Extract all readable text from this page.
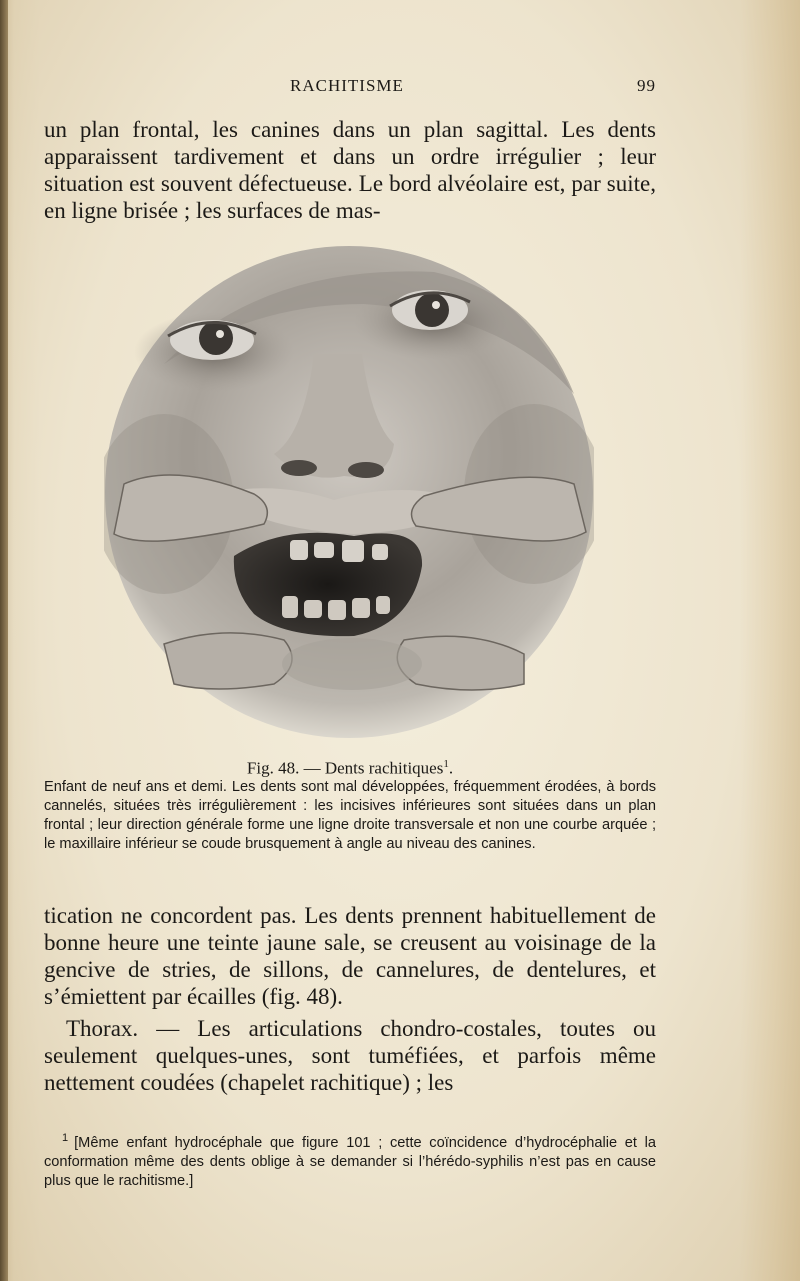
RACHITISME	99

un plan frontal, les canines dans un plan sagittal. Les dents apparaissent tardivement et dans un ordre irrégulier ; leur situation est souvent défectueuse. Le bord alvéolaire est, par suite, en ligne brisée ; les surfaces de mas-

Fig. 48. — Dents rachitiques$^1$.

Enfant de neuf ans et demi. Les dents sont mal développées, fréquemment érodées, à bords cannelés, situées très irrégulièrement : les incisives inférieures sont situées dans un plan frontal ; leur direction générale forme une ligne droite transversale et non une courbe arquée ; le maxillaire inférieur se coude brusquement à angle au niveau des canines.

tication ne concordent pas. Les dents prennent habituellement de bonne heure une teinte jaune sale, se creusent au voisinage de la gencive de stries, de sillons, de cannelures, de dentelures, et s’émiettent par écailles (fig. 48).

Thorax. — Les articulations chondro-costales, toutes ou seulement quelques-unes, sont tuméfiées, et parfois même nettement coudées (chapelet rachitique) ; les

$^1$ [Même enfant hydrocéphale que figure 101 ; cette coïncidence d’hydrocéphalie et la conformation même des dents oblige à se demander si l’hérédo-syphilis n’est pas en cause plus que le rachitisme.]
